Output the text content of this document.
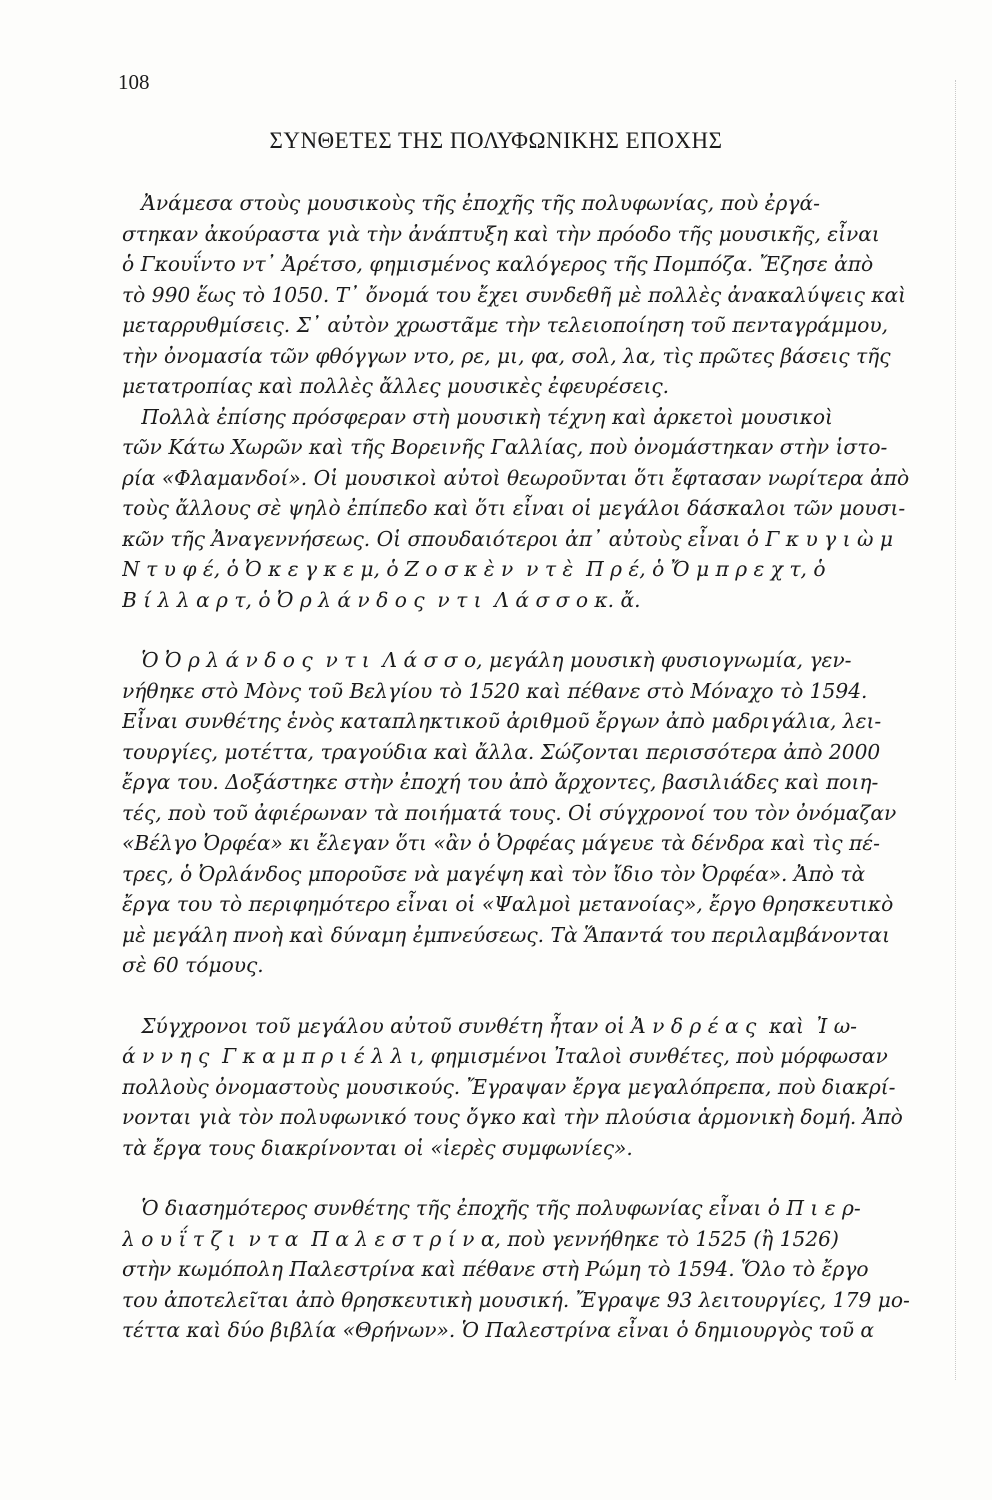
108
ΣΥΝΘΕΤΕΣ ΤΗΣ ΠΟΛΥΦΩΝΙΚΗΣ ΕΠΟΧΗΣ
Ἀνάμεσα στοὺς μουσικοὺς τῆς ἐποχῆς τῆς πολυφωνίας, ποὺ ἐργά-
στηκαν ἀκούραστα γιὰ τὴν ἀνάπτυξη καὶ τὴν πρόοδο τῆς μουσικῆς, εἶναι
ὁ Γκουΐντο ντ᾽ Ἀρέτσο, φημισμένος καλόγερος τῆς Πομπόζα. Ἔζησε ἀπὸ
τὸ 990 ἕως τὸ 1050. Τ᾽ ὄνομά του ἔχει συνδεθῆ μὲ πολλὲς ἀνακαλύψεις καὶ
μεταρρυθμίσεις. Σ᾽ αὐτὸν χρωστᾶμε τὴν τελειοποίηση τοῦ πενταγράμμου,
τὴν ὀνομασία τῶν φθόγγων ντο, ρε, μι, φα, σολ, λα, τὶς πρῶτες βάσεις τῆς
μετατροπίας καὶ πολλὲς ἄλλες μουσικὲς ἐφευρέσεις.
Πολλὰ ἐπίσης πρόσφεραν στὴ μουσικὴ τέχνη καὶ ἀρκετοὶ μουσικοὶ
τῶν Κάτω Χωρῶν καὶ τῆς Βορεινῆς Γαλλίας, ποὺ ὀνομάστηκαν στὴν ἱστο-
ρία «Φλαμανδοί». Οἱ μουσικοὶ αὐτοὶ θεωροῦνται ὅτι ἔφτασαν νωρίτερα ἀπὸ
τοὺς ἄλλους σὲ ψηλὸ ἐπίπεδο καὶ ὅτι εἶναι οἱ μεγάλοι δάσκαλοι τῶν μουσι-
κῶν τῆς Ἀναγεννήσεως. Οἱ σπουδαιότεροι ἀπ᾽ αὐτοὺς εἶναι ὁ Γ κ υ γ ι ὼ μ
Ν τ υ φ έ, ὁ Ὀ κ ε γ κ ε μ, ὁ Ζ ο σ κ ὲ ν  ν τ ὲ  Π ρ έ, ὁ Ὄ μ π ρ ε χ τ, ὁ
Β ί λ λ α ρ τ, ὁ Ὀ ρ λ ά ν δ ο ς  ν τ ι  Λ ά σ σ ο κ. ἄ.
Ὁ Ὀ ρ λ ά ν δ ο ς  ν τ ι  Λ ά σ σ ο, μεγάλη μουσικὴ φυσιογνωμία, γεν-
νήθηκε στὸ Μὸνς τοῦ Βελγίου τὸ 1520 καὶ πέθανε στὸ Μόναχο τὸ 1594.
Εἶναι συνθέτης ἑνὸς καταπληκτικοῦ ἀριθμοῦ ἔργων ἀπὸ μαδριγάλια, λει-
τουργίες, μοτέττα, τραγούδια καὶ ἄλλα. Σώζονται περισσότερα ἀπὸ 2000
ἔργα του. Δοξάστηκε στὴν ἐποχή του ἀπὸ ἄρχοντες, βασιλιάδες καὶ ποιη-
τές, ποὺ τοῦ ἀφιέρωναν τὰ ποιήματά τους. Οἱ σύγχρονοί του τὸν ὀνόμαζαν
«Βέλγο Ὀρφέα» κι ἔλεγαν ὅτι «ἂν ὁ Ὀρφέας μάγευε τὰ δένδρα καὶ τὶς πέ-
τρες, ὁ Ὀρλάνδος μποροῦσε νὰ μαγέψη καὶ τὸν ἴδιο τὸν Ὀρφέα». Ἀπὸ τὰ
ἔργα του τὸ περιφημότερο εἶναι οἱ «Ψαλμοὶ μετανοίας», ἔργο θρησκευτικὸ
μὲ μεγάλη πνοὴ καὶ δύναμη ἐμπνεύσεως. Τὰ Ἅπαντά του περιλαμβάνονται
σὲ 60 τόμους.
Σύγχρονοι τοῦ μεγάλου αὐτοῦ συνθέτη ἦταν οἱ Ἀ ν δ ρ έ α ς  καὶ  Ἰ ω-
ά ν ν η ς  Γ κ α μ π ρ ι έ λ λ ι, φημισμένοι Ἰταλοὶ συνθέτες, ποὺ μόρφωσαν
πολλοὺς ὀνομαστοὺς μουσικούς. Ἔγραψαν ἔργα μεγαλόπρεπα, ποὺ διακρί-
νονται γιὰ τὸν πολυφωνικό τους ὄγκο καὶ τὴν πλούσια ἁρμονικὴ δομή. Ἀπὸ
τὰ ἔργα τους διακρίνονται οἱ «ἱερὲς συμφωνίες».
Ὁ διασημότερος συνθέτης τῆς ἐποχῆς τῆς πολυφωνίας εἶναι ὁ Π ι ε ρ-
λ ο υ ΐ τ ζ ι  ν τ α  Π α λ ε σ τ ρ ί ν α, ποὺ γεννήθηκε τὸ 1525 (ἢ 1526)
στὴν κωμόπολη Παλεστρίνα καὶ πέθανε στὴ Ρώμη τὸ 1594. Ὅλο τὸ ἔργο
του ἀποτελεῖται ἀπὸ θρησκευτικὴ μουσική. Ἔγραψε 93 λειτουργίες, 179 μο-
τέττα καὶ δύο βιβλία «Θρήνων». Ὁ Παλεστρίνα εἶναι ὁ δημιουργὸς τοῦ α
